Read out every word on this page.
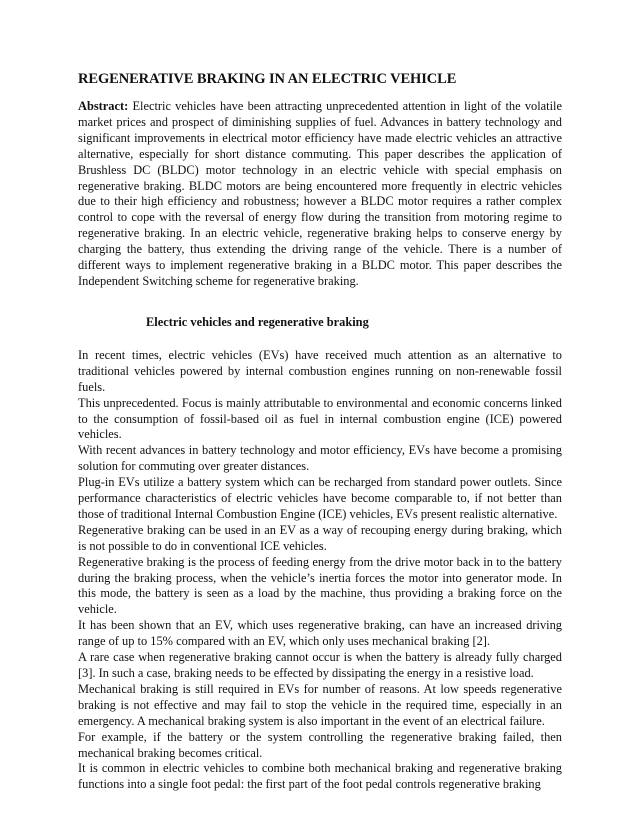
REGENERATIVE BRAKING IN AN ELECTRIC VEHICLE

Abstract: Electric vehicles have been attracting unprecedented attention in light of the volatile market prices and prospect of diminishing supplies of fuel. Advances in battery technology and significant improvements in electrical motor efficiency have made electric vehicles an attractive alternative, especially for short distance commuting. This paper describes the application of Brushless DC (BLDC) motor technology in an electric vehicle with special emphasis on regenerative braking. BLDC motors are being encountered more frequently in electric vehicles due to their high efficiency and robustness; however a BLDC motor requires a rather complex control to cope with the reversal of energy flow during the transition from motoring regime to regenerative braking. In an electric vehicle, regenerative braking helps to conserve energy by charging the battery, thus extending the driving range of the vehicle. There is a number of different ways to implement regenerative braking in a BLDC motor. This paper describes the Independent Switching scheme for regenerative braking.

Electric vehicles and regenerative braking

In recent times, electric vehicles (EVs) have received much attention as an alternative to traditional vehicles powered by internal combustion engines running on non-renewable fossil fuels.

This unprecedented. Focus is mainly attributable to environmental and economic concerns linked to the consumption of fossil-based oil as fuel in internal combustion engine (ICE) powered vehicles.

With recent advances in battery technology and motor efficiency, EVs have become a promising solution for commuting over greater distances.

Plug-in EVs utilize a battery system which can be recharged from standard power outlets. Since performance characteristics of electric vehicles have become comparable to, if not better than those of traditional Internal Combustion Engine (ICE) vehicles, EVs present realistic alternative.

Regenerative braking can be used in an EV as a way of recouping energy during braking, which is not possible to do in conventional ICE vehicles.

Regenerative braking is the process of feeding energy from the drive motor back in to the battery during the braking process, when the vehicle’s inertia forces the motor into generator mode. In this mode, the battery is seen as a load by the machine, thus providing a braking force on the vehicle.

It has been shown that an EV, which uses regenerative braking, can have an increased driving range of up to 15% compared with an EV, which only uses mechanical braking [2].

A rare case when regenerative braking cannot occur is when the battery is already fully charged [3]. In such a case, braking needs to be effected by dissipating the energy in a resistive load.

Mechanical braking is still required in EVs for number of reasons. At low speeds regenerative braking is not effective and may fail to stop the vehicle in the required time, especially in an emergency. A mechanical braking system is also important in the event of an electrical failure.

For example, if the battery or the system controlling the regenerative braking failed, then mechanical braking becomes critical.

It is common in electric vehicles to combine both mechanical braking and regenerative braking functions into a single foot pedal: the first part of the foot pedal controls regenerative braking
